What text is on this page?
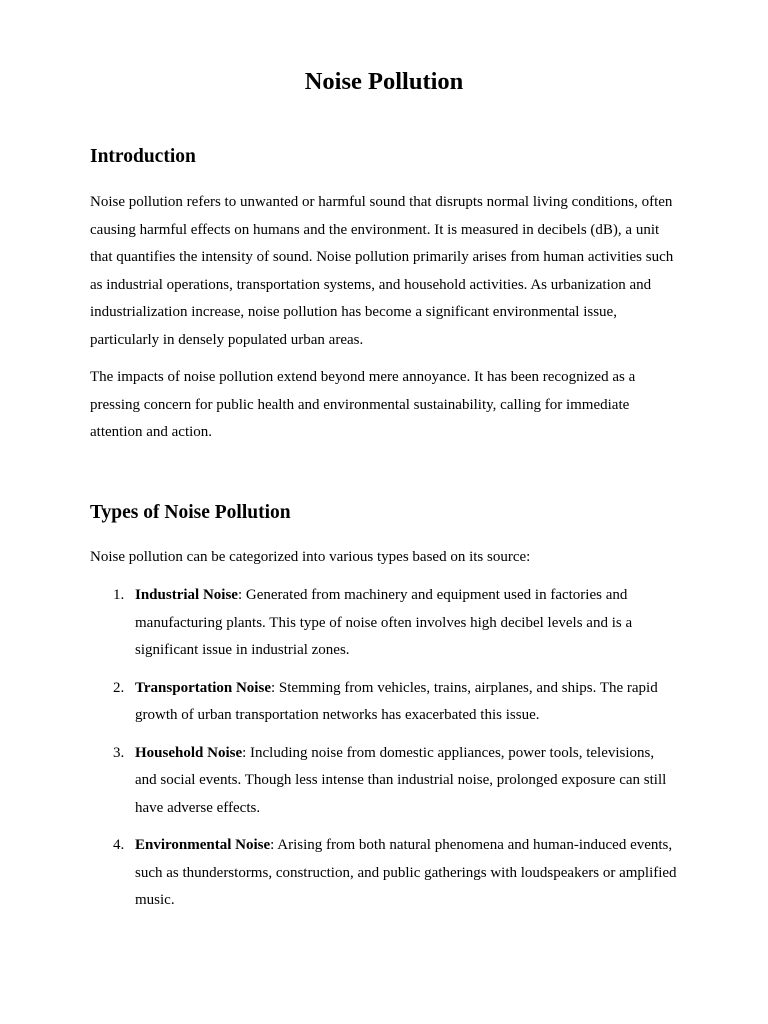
Noise Pollution
Introduction

Noise pollution refers to unwanted or harmful sound that disrupts normal living conditions, often causing harmful effects on humans and the environment. It is measured in decibels (dB), a unit that quantifies the intensity of sound. Noise pollution primarily arises from human activities such as industrial operations, transportation systems, and household activities. As urbanization and industrialization increase, noise pollution has become a significant environmental issue, particularly in densely populated urban areas.

The impacts of noise pollution extend beyond mere annoyance. It has been recognized as a pressing concern for public health and environmental sustainability, calling for immediate attention and action.

Types of Noise Pollution

Noise pollution can be categorized into various types based on its source:

1. Industrial Noise: Generated from machinery and equipment used in factories and manufacturing plants. This type of noise often involves high decibel levels and is a significant issue in industrial zones.
2. Transportation Noise: Stemming from vehicles, trains, airplanes, and ships. The rapid growth of urban transportation networks has exacerbated this issue.
3. Household Noise: Including noise from domestic appliances, power tools, televisions, and social events. Though less intense than industrial noise, prolonged exposure can still have adverse effects.
4. Environmental Noise: Arising from both natural phenomena and human-induced events, such as thunderstorms, construction, and public gatherings with loudspeakers or amplified music.
